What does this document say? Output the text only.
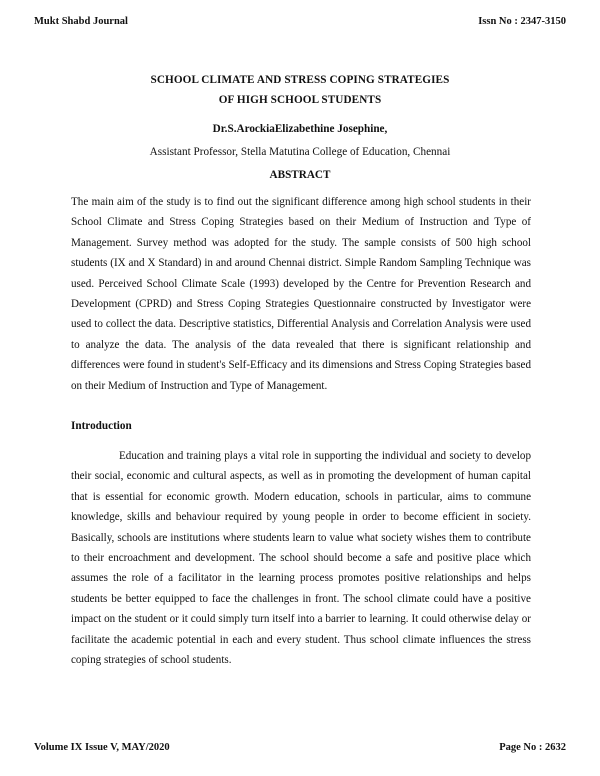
Mukt Shabd Journal	Issn No : 2347-3150
SCHOOL CLIMATE AND STRESS COPING STRATEGIES
OF HIGH SCHOOL STUDENTS
Dr.S.ArockiaElizabethine Josephine,
Assistant Professor, Stella Matutina College of Education, Chennai
ABSTRACT
The main aim of the study is to find out the significant difference among high school students in their School Climate and Stress Coping Strategies based on their Medium of Instruction and Type of Management. Survey method was adopted for the study. The sample consists of 500 high school students (IX and X Standard) in and around Chennai district. Simple Random Sampling Technique was used. Perceived School Climate Scale (1993) developed by the Centre for Prevention Research and Development (CPRD) and Stress Coping Strategies Questionnaire constructed by Investigator were used to collect the data. Descriptive statistics, Differential Analysis and Correlation Analysis were used to analyze the data. The analysis of the data revealed that there is significant relationship and differences were found in student's Self-Efficacy and its dimensions and Stress Coping Strategies based on their Medium of Instruction and Type of Management.
Introduction
Education and training plays a vital role in supporting the individual and society to develop their social, economic and cultural aspects, as well as in promoting the development of human capital that is essential for economic growth. Modern education, schools in particular, aims to commune knowledge, skills and behaviour required by young people in order to become efficient in society. Basically, schools are institutions where students learn to value what society wishes them to contribute to their encroachment and development. The school should become a safe and positive place which assumes the role of a facilitator in the learning process promotes positive relationships and helps students be better equipped to face the challenges in front. The school climate could have a positive impact on the student or it could simply turn itself into a barrier to learning. It could otherwise delay or facilitate the academic potential in each and every student. Thus school climate influences the stress coping strategies of school students.
Volume IX Issue V, MAY/2020	Page No : 2632
